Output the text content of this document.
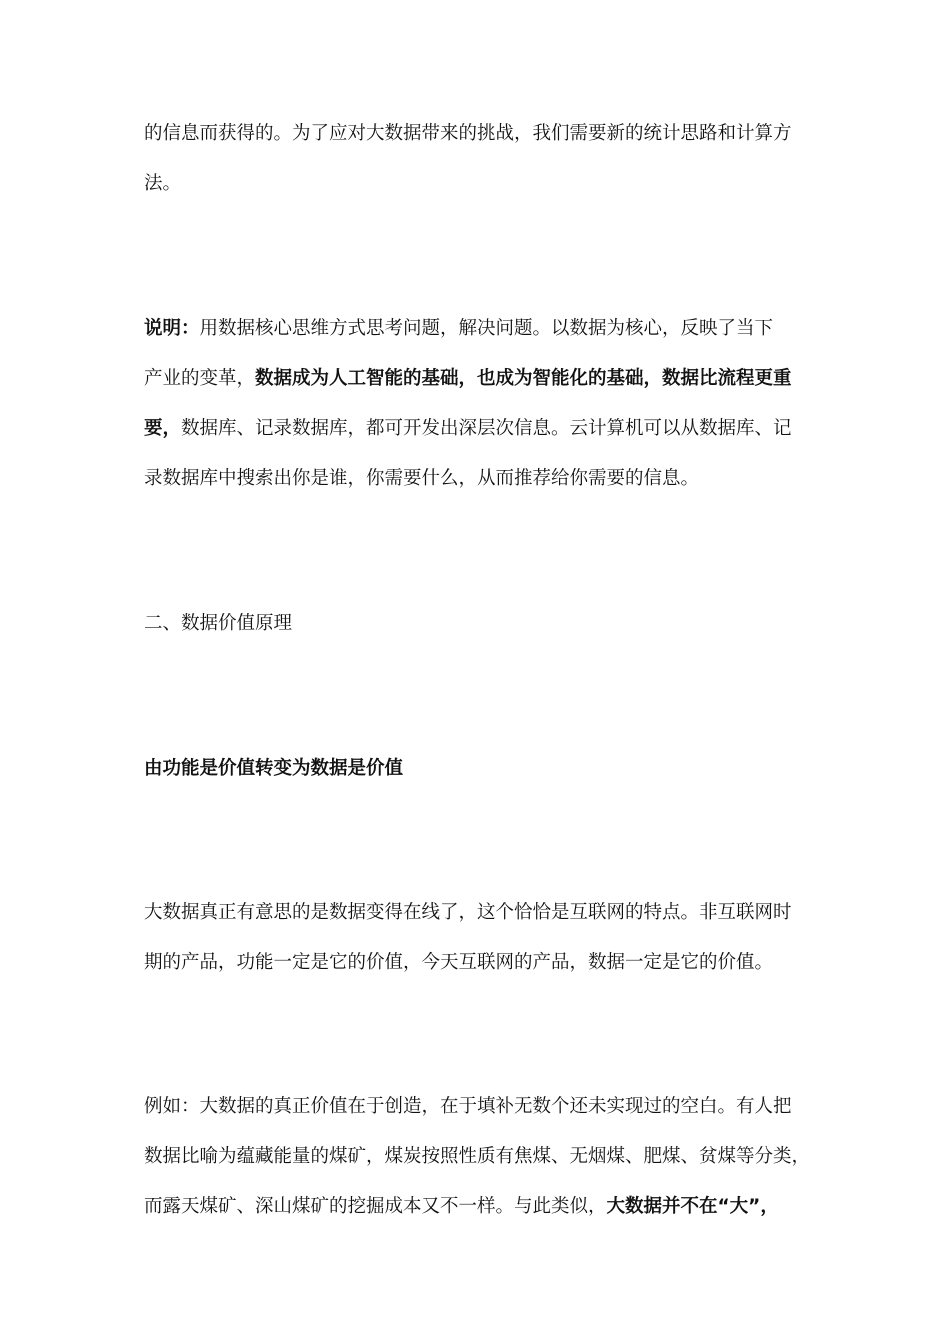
的信息而获得的。为了应对大数据带来的挑战，我们需要新的统计思路和计算方
法。
说明：用数据核心思维方式思考问题，解决问题。以数据为核心，反映了当下
产业的变革，数据成为人工智能的基础，也成为智能化的基础，数据比流程更重
要，数据库、记录数据库，都可开发出深层次信息。云计算机可以从数据库、记
录数据库中搜索出你是谁，你需要什么，从而推荐给你需要的信息。
二、数据价值原理
由功能是价值转变为数据是价值
大数据真正有意思的是数据变得在线了，这个恰恰是互联网的特点。非互联网时
期的产品，功能一定是它的价值，今天互联网的产品，数据一定是它的价值。
例如：大数据的真正价值在于创造，在于填补无数个还未实现过的空白。有人把
数据比喻为蕴藏能量的煤矿，煤炭按照性质有焦煤、无烟煤、肥煤、贫煤等分类，
而露天煤矿、深山煤矿的挖掘成本又不一样。与此类似，大数据并不在“大”，
